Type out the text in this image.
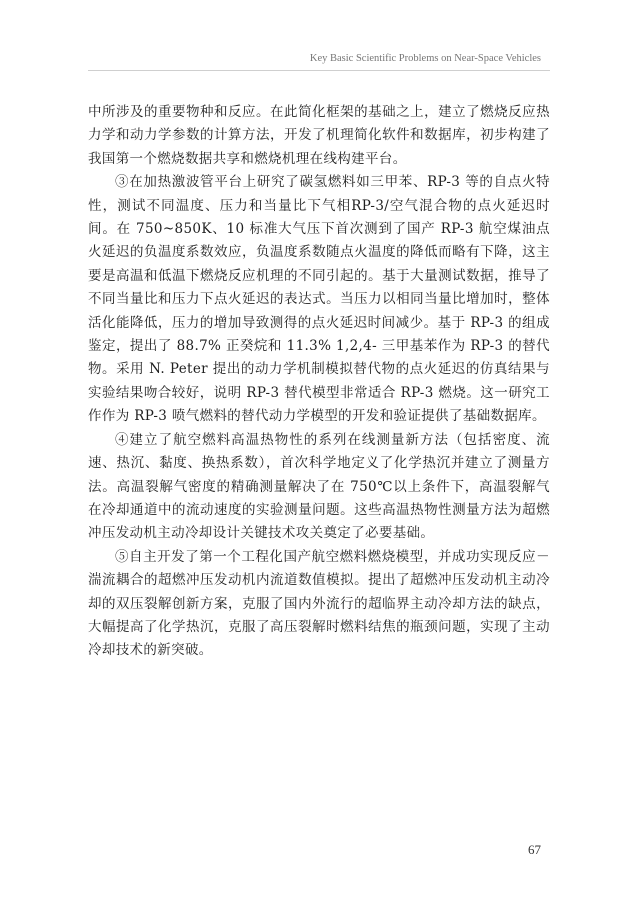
Key Basic Scientific Problems on Near-Space Vehicles

中所涉及的重要物种和反应。在此简化框架的基础之上，建立了燃烧反应热力学和动力学参数的计算方法，开发了机理简化软件和数据库，初步构建了我国第一个燃烧数据共享和燃烧机理在线构建平台。

③在加热激波管平台上研究了碳氢燃料如三甲苯、RP-3 等的自点火特性，测试不同温度、压力和当量比下气相RP-3/空气混合物的点火延迟时间。在 750~850K、10 标准大气压下首次测到了国产 RP-3 航空煤油点火延迟的负温度系数效应，负温度系数随点火温度的降低而略有下降，这主要是高温和低温下燃烧反应机理的不同引起的。基于大量测试数据，推导了不同当量比和压力下点火延迟的表达式。当压力以相同当量比增加时，整体活化能降低，压力的增加导致测得的点火延迟时间减少。基于 RP-3 的组成鉴定，提出了 88.7% 正癸烷和 11.3% 1,2,4- 三甲基苯作为 RP-3 的替代物。采用 N. Peter 提出的动力学机制模拟替代物的点火延迟的仿真结果与实验结果吻合较好，说明 RP-3 替代模型非常适合 RP-3 燃烧。这一研究工作作为 RP-3 喷气燃料的替代动力学模型的开发和验证提供了基础数据库。

④建立了航空燃料高温热物性的系列在线测量新方法（包括密度、流速、热沉、黏度、换热系数），首次科学地定义了化学热沉并建立了测量方法。高温裂解气密度的精确测量解决了在 750℃以上条件下，高温裂解气在冷却通道中的流动速度的实验测量问题。这些高温热物性测量方法为超燃冲压发动机主动冷却设计关键技术攻关奠定了必要基础。

⑤自主开发了第一个工程化国产航空燃料燃烧模型，并成功实现反应－湍流耦合的超燃冲压发动机内流道数值模拟。提出了超燃冲压发动机主动冷却的双压裂解创新方案，克服了国内外流行的超临界主动冷却方法的缺点，大幅提高了化学热沉，克服了高压裂解时燃料结焦的瓶颈问题，实现了主动冷却技术的新突破。

67
